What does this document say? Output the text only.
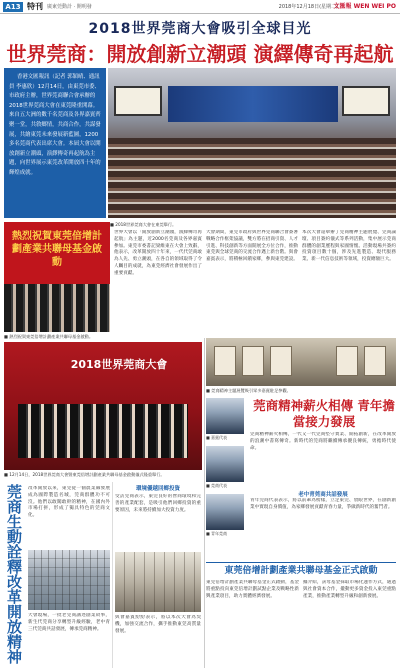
A13 特刊 廣東莞動計 · 開明發	2018年12月18日(星期二)
文匯報 WEN WEI PO
2018世界莞商大會吸引全球目光
世界莞商：開放創新立潮頭 演繹傳奇再起航

香港文匯報訊（記者 郭穎晴、通訊員 李惠欣）12月14日，由東莞市委、市政府主辦，世界莞商聯合會承辦的2018世界莞商大會在東莞隆重開幕。來自五大洲的數千名莞商及各界嘉賓齊聚一堂，共敘鄉情，共商合作，共謀發展，共繪東莞未來發展新藍圖，1200多名莞商代表出席大會。本屆大會以開放創新立潮頭，演繹傳奇再起航為主題，向世界展示東莞改革開放四十年的輝煌成就。

熱烈祝賀東莞倍增計劃產業共聯母基金啟動
■ 熱烈祝賀東莞倍增計劃產業共聯母基金啟動。
■ 2018世界莞商大會在東莞舉行。
世界大會以「開放創新立潮頭，演繹傳奇再起航」為主題，近2000名莞商及各界嘉賓參加。東莞市委書記梁維東在大會上致辭，他表示，改革開放四十年來，一代代莞商敢為人先、勇立潮頭，在各自的領域取得了令人矚目的成就，為東莞經濟社會發展作出了重要貢獻。
大會期間，東莞市政府與世界莞商聯合會簽署戰略合作框架協議，雙方將在招商引資、人才引進、科技創新等方面開展全方位合作，推動東莞與全球莞商的交流合作邁上新台階。與會嘉賓表示，將積極回饋家鄉，參與東莞建設。
本次大會還舉辦了莞商精神主題展覽、莞商論壇、項目簽約儀式等系列活動，集中展示莞商群體的創業歷程與家國情懷。活動現場共簽約投資項目數十個，涉及先進製造、現代服務業、新一代信息技術等領域，投資總額巨大。
2018世界莞商大會
■ 12月14日，2018世界莞商大會暨東莞倍增計劃產業共聯母基金啟動儀式隆重舉行。
■ 莞商精神主題展覽吸引眾多嘉賓駐足參觀。
莞商生動詮釋改革開放精神 改革開放以來，東莞從一個農業縣發展成為國際製造名城，莞商群體功不可沒。他們以敢闖敢幹的精神，在國內外市場打拼，形成了獨具特色的莞商文化。
大會現場，一批老莞商講述創業故事，新生代莞商分享轉型升級經驗，老中青三代莞商共話發展，傳承莞商精神。
環境優越回鄉投資
受訪莞商表示，東莞良好的營商環境和完善的產業配套，是吸引他們回鄉投資的重要原因，未來將持續加大投資力度。
與會嘉賓紛紛表示，將以本次大會為契機，加強交流合作，攜手推動東莞高質量發展。
■ 嘉賓代表
■ 莞商代表
■ 青年莞商
莞商精神薪火相傳 青年擔當接力發展
莞商精神薪火相傳，一代又一代莞商堅守實業、開拓創新，在改革開放的浪潮中書寫傳奇。新時代的莞商將繼續傳承優良傳統，勇擔時代使命。
老中青莞商共話發展
青年莞商代表表示，將以前輩為榜樣，立足東莞、放眼世界，在創新創業中實現自身價值，為家鄉發展貢獻青春力量，爭做新時代的奮鬥者。
東莞倍增計劃產業共聯母基金正式啟動
東莞倍增計劃產業共聯母基金正式啟動，基金將重點投向東莞倍增計劃試點企業及戰略性新興產業項目，助力實體經濟發展。
據介紹，該母基金採取市場化運作方式，通過與社會資本合作，撬動更多資金投入東莞重點產業，推動產業轉型升級和創新發展。
